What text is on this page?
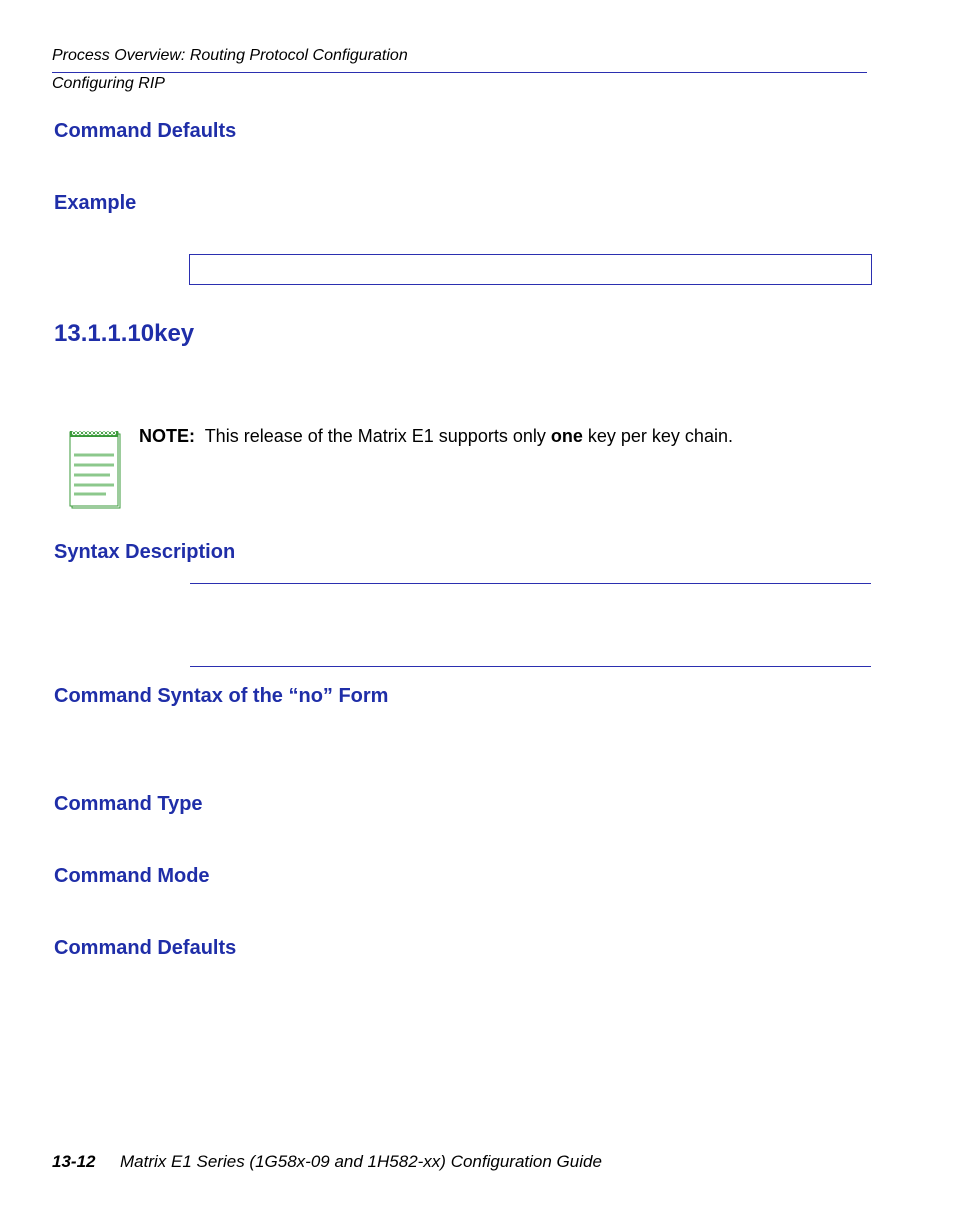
Process Overview: Routing Protocol Configuration
Configuring RIP
Command Defaults
Example
13.1.1.10key
NOTE: This release of the Matrix E1 supports only one key per key chain.
Syntax Description
Command Syntax of the “no” Form
Command Type
Command Mode
Command Defaults
13-12 Matrix E1 Series (1G58x-09 and 1H582-xx) Configuration Guide
